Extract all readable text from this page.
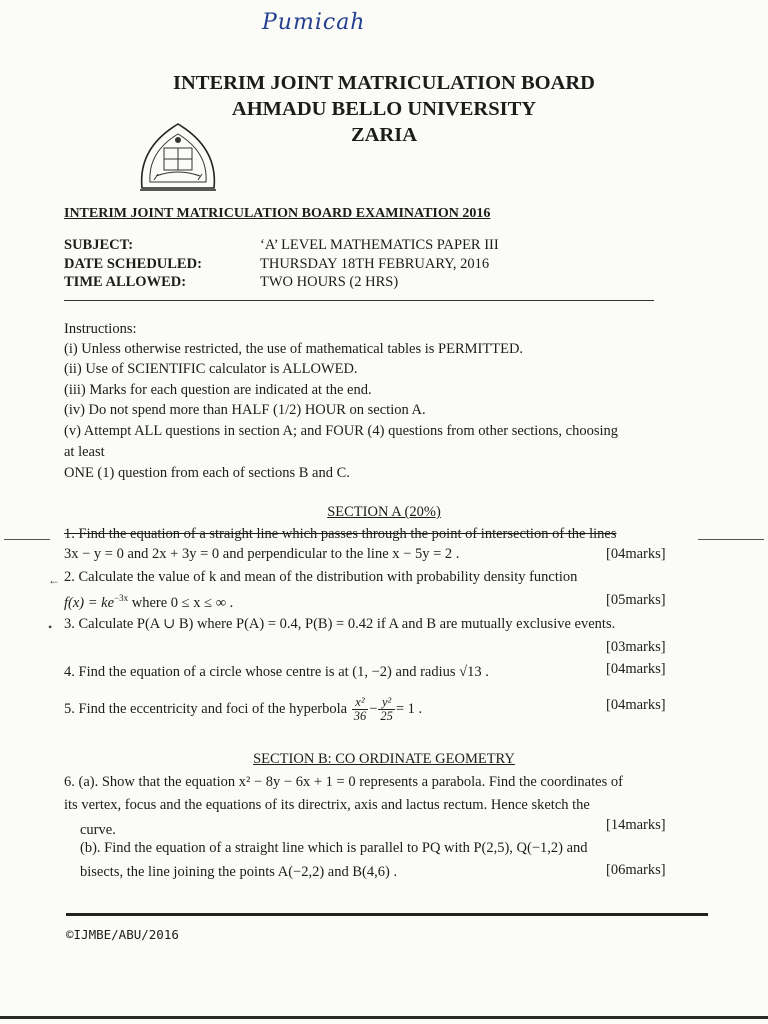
Pumicah
INTERIM JOINT MATRICULATION BOARD
AHMADU BELLO UNIVERSITY
ZARIA
INTERIM JOINT MATRICULATION BOARD EXAMINATION 2016
SUBJECT:	‘A’ LEVEL MATHEMATICS PAPER III
DATE SCHEDULED:	THURSDAY 18TH FEBRUARY, 2016
TIME ALLOWED:	TWO HOURS (2 HRS)
Instructions:
(i) Unless otherwise restricted, the use of mathematical tables is PERMITTED.
(ii) Use of SCIENTIFIC calculator is ALLOWED.
(iii) Marks for each question are indicated at the end.
(iv) Do not spend more than HALF (1/2) HOUR on section A.
(v) Attempt ALL questions in section A; and FOUR (4) questions from other sections, choosing
at least
ONE (1) question from each of sections B and C.
SECTION A (20%)
1. Find the equation of a straight line which passes through the point of intersection of the lines
3x − y = 0 and 2x + 3y = 0 and perpendicular to the line x − 5y = 2 .	[04marks]
← 2. Calculate the value of k and mean of the distribution with probability density function
$f(x) = ke^{-3x}$ where 0 ≤ x ≤ ∞ .	[05marks]
• 3. Calculate P(A ∪ B) where P(A) = 0.4, P(B) = 0.42 if A and B are mutually exclusive events.
[03marks]
4. Find the equation of a circle whose centre is at (1, −2) and radius √13 .	[04marks]
5. Find the eccentricity and foci of the hyperbola $\frac{\text{x²}}{36} - \frac{\text{y²}}{25} = 1$ .	[04marks]
SECTION B: CO ORDINATE GEOMETRY
6. (a). Show that the equation x² − 8y − 6x + 1 = 0 represents a parabola. Find the coordinates of
its vertex, focus and the equations of its directrix, axis and lactus rectum. Hence sketch the
curve.	[14marks]
(b). Find the equation of a straight line which is parallel to PQ with P(2,5), Q(−1,2) and
bisects, the line joining the points A(−2,2) and B(4,6) .	[06marks]
©IJMBE/ABU/2016
